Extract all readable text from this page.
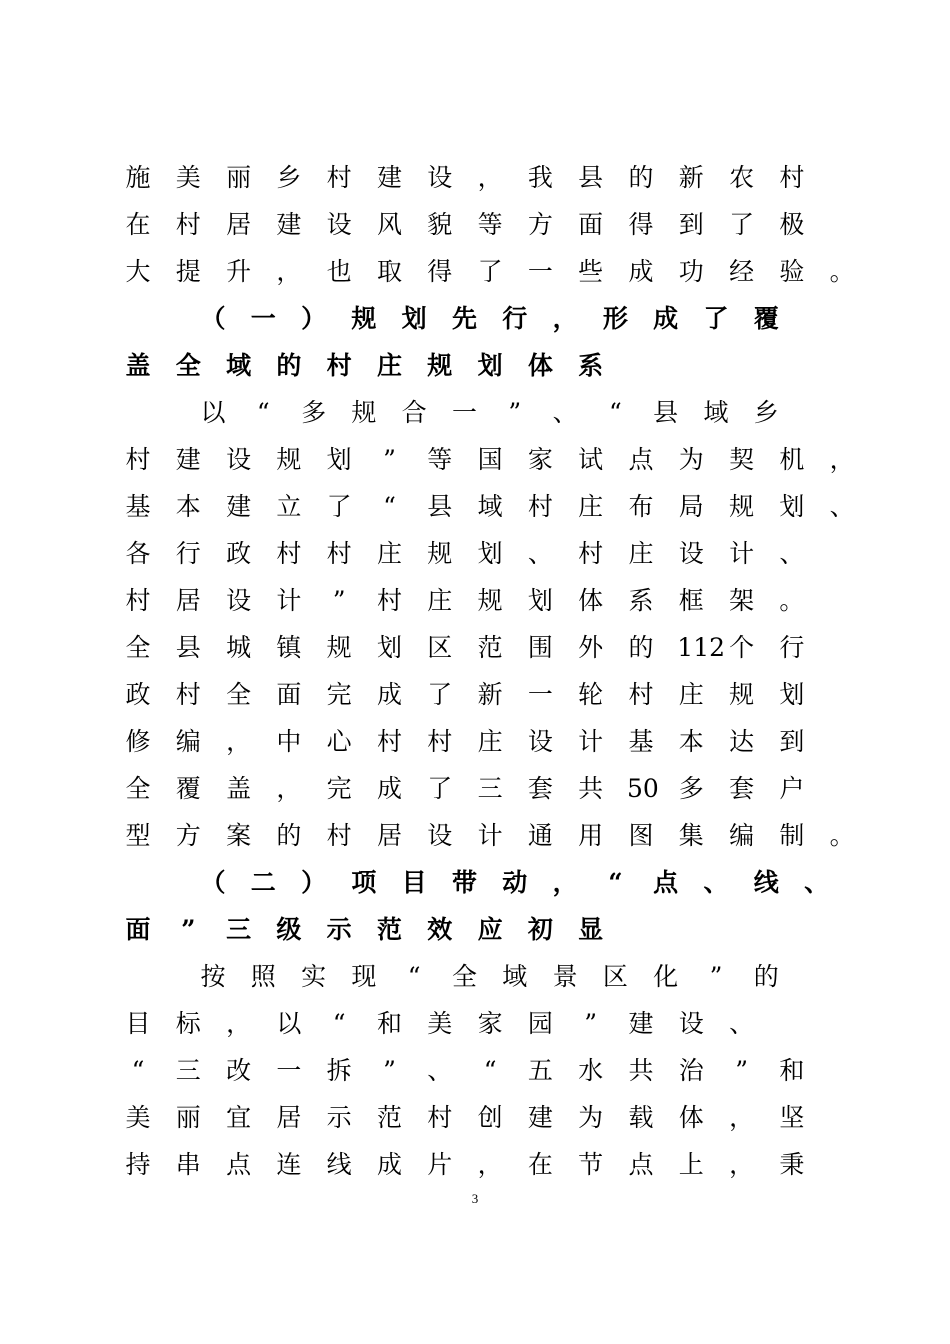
施 美 丽 乡 村 建 设 ， 我 县 的 新 农 村
在 村 居 建 设 风 貌 等 方 面 得 到 了 极
大 提 升 ， 也 取 得 了 一 些 成 功 经 验 。
（ 一 ） 规 划 先 行 ， 形 成 了 覆
盖 全 域 的 村 庄 规 划 体 系
以	“	多 规 合 一	”	、	“	县 域 乡
村 建 设 规 划	”	等 国 家 试 点 为 契 机 ，
基 本 建 立 了	“	县 域 村 庄 布 局 规 划 、
各 行 政 村 村 庄 规 划 、 村 庄 设 计 、
村 居 设 计	”	村 庄 规 划 体 系 框 架 。
全 县 城 镇 规 划 区 范 围 外 的 112 个 行
政 村 全 面 完 成 了 新 一 轮 村 庄 规 划
修 编 ， 中 心 村 村 庄 设 计 基 本 达 到
全 覆 盖 ， 完 成 了 三 套 共 50 多 套 户
型 方 案 的 村 居 设 计 通 用 图 集 编 制 。
（ 二 ） 项 目 带 动 ， “ 点 、 线 、
面 ” 三 级 示 范 效 应 初 显
按 照 实 现	“	全 域 景 区 化	”	的
目 标 ， 以	“	和 美 家 园	”	建 设 、
“	三 改 一 拆	”	、	“	五 水 共 治	”	和
美 丽 宜 居 示 范 村 创 建 为 载 体 ， 坚
持 串 点 连 线 成 片 ， 在 节 点 上 ， 秉
3
